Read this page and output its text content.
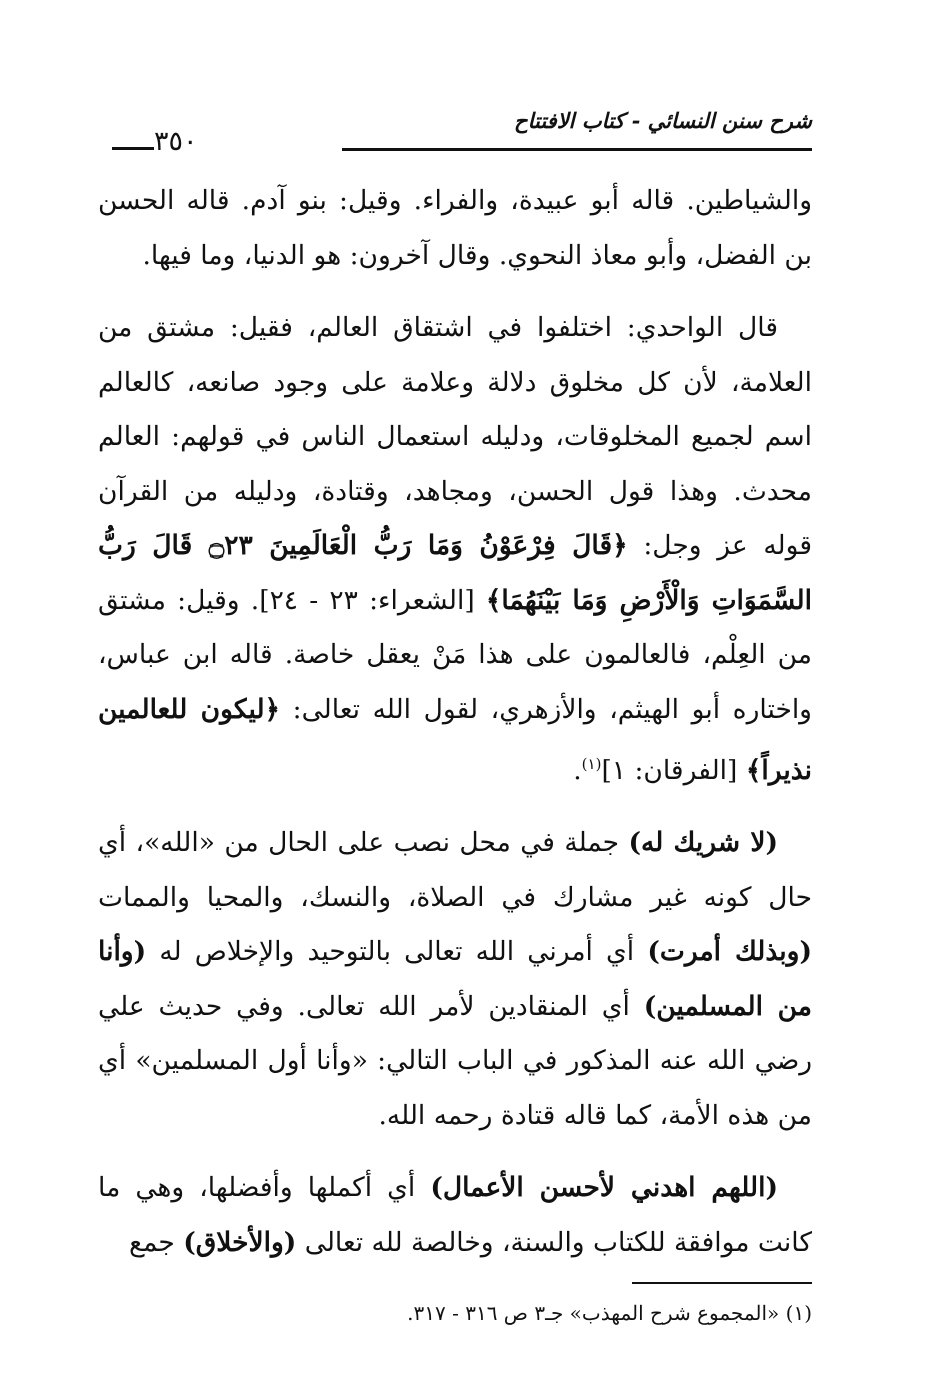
شرح سنن النسائي - كتاب الافتتاح
٣٥٠

والشياطين. قاله أبو عبيدة، والفراء. وقيل: بنو آدم. قاله الحسن بن الفضل، وأبو معاذ النحوي. وقال آخرون: هو الدنيا، وما فيها.

قال الواحدي: اختلفوا في اشتقاق العالم، فقيل: مشتق من العلامة، لأن كل مخلوق دلالة وعلامة على وجود صانعه، كالعالم اسم لجميع المخلوقات، ودليله استعمال الناس في قولهم: العالم محدث. وهذا قول الحسن، ومجاهد، وقتادة، ودليله من القرآن قوله عز وجل: ﴿قَالَ فِرْعَوْنُ وَمَا رَبُّ الْعَالَمِينَ ۝٢٣ قَالَ رَبُّ السَّمَوَاتِ وَالْأَرْضِ وَمَا بَيْنَهُمَا﴾ [الشعراء: ٢٣ - ٢٤]. وقيل: مشتق من العِلْم، فالعالمون على هذا مَنْ يعقل خاصة. قاله ابن عباس، واختاره أبو الهيثم، والأزهري، لقول الله تعالى: ﴿ليكون للعالمين نذيراً﴾ [الفرقان: ١]$^{(١)}$.

(لا شريك له) جملة في محل نصب على الحال من «الله»، أي حال كونه غير مشارك في الصلاة، والنسك، والمحيا والممات (وبذلك أمرت) أي أمرني الله تعالى بالتوحيد والإخلاص له (وأنا من المسلمين) أي المنقادين لأمر الله تعالى. وفي حديث علي رضي الله عنه المذكور في الباب التالي: «وأنا أول المسلمين» أي من هذه الأمة، كما قاله قتادة رحمه الله.

(اللهم اهدني لأحسن الأعمال) أي أكملها وأفضلها، وهي ما كانت موافقة للكتاب والسنة، وخالصة لله تعالى (والأخلاق) جمع

(١) «المجموع شرح المهذب» جـ٣ ص ٣١٦ - ٣١٧.
